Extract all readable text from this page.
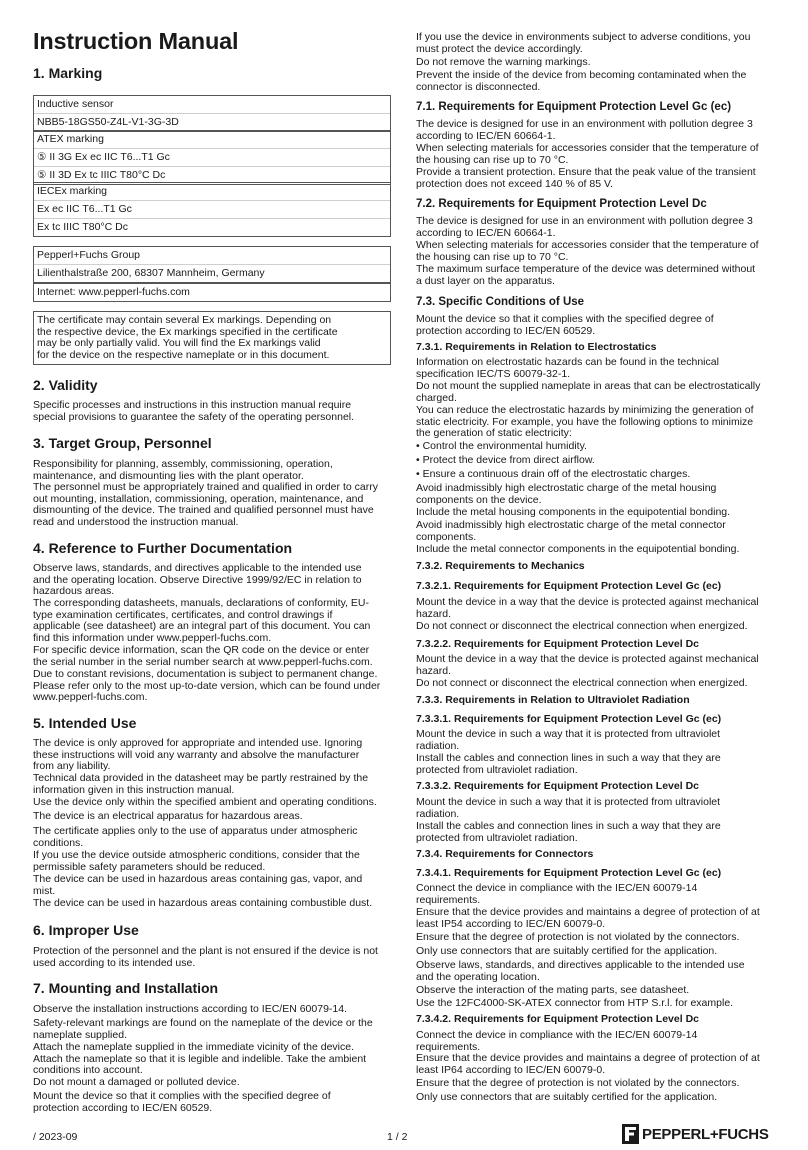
Instruction Manual
1. Marking
Inductive sensor
NBB5-18GS50-Z4L-V1-3G-3D
ATEX marking
⑤ II 3G Ex ec IIC T6...T1 Gc
⑤ II 3D Ex tc IIIC T80°C Dc
IECEx marking
Ex ec IIC T6...T1 Gc
Ex tc IIIC T80°C Dc
Pepperl+Fuchs Group
Lilienthalstraße 200, 68307 Mannheim, Germany
Internet: www.pepperl-fuchs.com
The certificate may contain several Ex markings. Depending on
the respective device, the Ex markings specified in the certificate
may be only partially valid. You will find the Ex markings valid
for the device on the respective nameplate or in this document.
2. Validity

Specific processes and instructions in this instruction manual require
special provisions to guarantee the safety of the operating personnel.

3. Target Group, Personnel

Responsibility for planning, assembly, commissioning, operation,
maintenance, and dismounting lies with the plant operator.

The personnel must be appropriately trained and qualified in order to carry
out mounting, installation, commissioning, operation, maintenance, and
dismounting of the device. The trained and qualified personnel must have
read and understood the instruction manual.

4. Reference to Further Documentation

Observe laws, standards, and directives applicable to the intended use
and the operating location. Observe Directive 1999/92/EC in relation to
hazardous areas.

The corresponding datasheets, manuals, declarations of conformity, EU-
type examination certificates, certificates, and control drawings if
applicable (see datasheet) are an integral part of this document. You can
find this information under www.pepperl-fuchs.com.

For specific device information, scan the QR code on the device or enter
the serial number in the serial number search at www.pepperl-fuchs.com.

Due to constant revisions, documentation is subject to permanent change.
Please refer only to the most up-to-date version, which can be found under
www.pepperl-fuchs.com.

5. Intended Use

The device is only approved for appropriate and intended use. Ignoring
these instructions will void any warranty and absolve the manufacturer
from any liability.

Technical data provided in the datasheet may be partly restrained by the
information given in this instruction manual.

Use the device only within the specified ambient and operating conditions.

The device is an electrical apparatus for hazardous areas.

The certificate applies only to the use of apparatus under atmospheric
conditions.

If you use the device outside atmospheric conditions, consider that the
permissible safety parameters should be reduced.

The device can be used in hazardous areas containing gas, vapor, and
mist.

The device can be used in hazardous areas containing combustible dust.

6. Improper Use

Protection of the personnel and the plant is not ensured if the device is not
used according to its intended use.

7. Mounting and Installation

Observe the installation instructions according to IEC/EN 60079-14.

Safety-relevant markings are found on the nameplate of the device or the
nameplate supplied.

Attach the nameplate supplied in the immediate vicinity of the device.
Attach the nameplate so that it is legible and indelible. Take the ambient
conditions into account.

Do not mount a damaged or polluted device.

Mount the device so that it complies with the specified degree of
protection according to IEC/EN 60529.

If you use the device in environments subject to adverse conditions, you
must protect the device accordingly.

Do not remove the warning markings.

Prevent the inside of the device from becoming contaminated when the
connector is disconnected.

7.1. Requirements for Equipment Protection Level Gc (ec)

The device is designed for use in an environment with pollution degree 3
according to IEC/EN 60664-1.

When selecting materials for accessories consider that the temperature of
the housing can rise up to 70 °C.

Provide a transient protection. Ensure that the peak value of the transient
protection does not exceed 140 % of 85 V.

7.2. Requirements for Equipment Protection Level Dc

The device is designed for use in an environment with pollution degree 3
according to IEC/EN 60664-1.

When selecting materials for accessories consider that the temperature of
the housing can rise up to 70 °C.

The maximum surface temperature of the device was determined without
a dust layer on the apparatus.

7.3. Specific Conditions of Use

Mount the device so that it complies with the specified degree of
protection according to IEC/EN 60529.

7.3.1. Requirements in Relation to Electrostatics

Information on electrostatic hazards can be found in the technical
specification IEC/TS 60079-32-1.

Do not mount the supplied nameplate in areas that can be electrostatically
charged.

You can reduce the electrostatic hazards by minimizing the generation of
static electricity. For example, you have the following options to minimize
the generation of static electricity:

• Control the environmental humidity.

• Protect the device from direct airflow.

• Ensure a continuous drain off of the electrostatic charges.

Avoid inadmissibly high electrostatic charge of the metal housing
components on the device.

Include the metal housing components in the equipotential bonding.

Avoid inadmissibly high electrostatic charge of the metal connector
components.

Include the metal connector components in the equipotential bonding.

7.3.2. Requirements to Mechanics
7.3.2.1. Requirements for Equipment Protection Level Gc (ec)

Mount the device in a way that the device is protected against mechanical
hazard.

Do not connect or disconnect the electrical connection when energized.

7.3.2.2. Requirements for Equipment Protection Level Dc

Mount the device in a way that the device is protected against mechanical
hazard.

Do not connect or disconnect the electrical connection when energized.

7.3.3. Requirements in Relation to Ultraviolet Radiation
7.3.3.1. Requirements for Equipment Protection Level Gc (ec)

Mount the device in such a way that it is protected from ultraviolet
radiation.

Install the cables and connection lines in such a way that they are
protected from ultraviolet radiation.

7.3.3.2. Requirements for Equipment Protection Level Dc

Mount the device in such a way that it is protected from ultraviolet
radiation.

Install the cables and connection lines in such a way that they are
protected from ultraviolet radiation.

7.3.4. Requirements for Connectors
7.3.4.1. Requirements for Equipment Protection Level Gc (ec)

Connect the device in compliance with the IEC/EN 60079-14
requirements.

Ensure that the device provides and maintains a degree of protection of at
least IP54 according to IEC/EN 60079-0.

Ensure that the degree of protection is not violated by the connectors.

Only use connectors that are suitably certified for the application.

Observe laws, standards, and directives applicable to the intended use
and the operating location.

Observe the interaction of the mating parts, see datasheet.

Use the 12FC4000-SK-ATEX connector from HTP S.r.l. for example.

7.3.4.2. Requirements for Equipment Protection Level Dc

Connect the device in compliance with the IEC/EN 60079-14
requirements.

Ensure that the device provides and maintains a degree of protection of at
least IP64 according to IEC/EN 60079-0.

Ensure that the degree of protection is not violated by the connectors.

Only use connectors that are suitably certified for the application.

/ 2023-09	1 / 2	PEPPERL+FUCHS
